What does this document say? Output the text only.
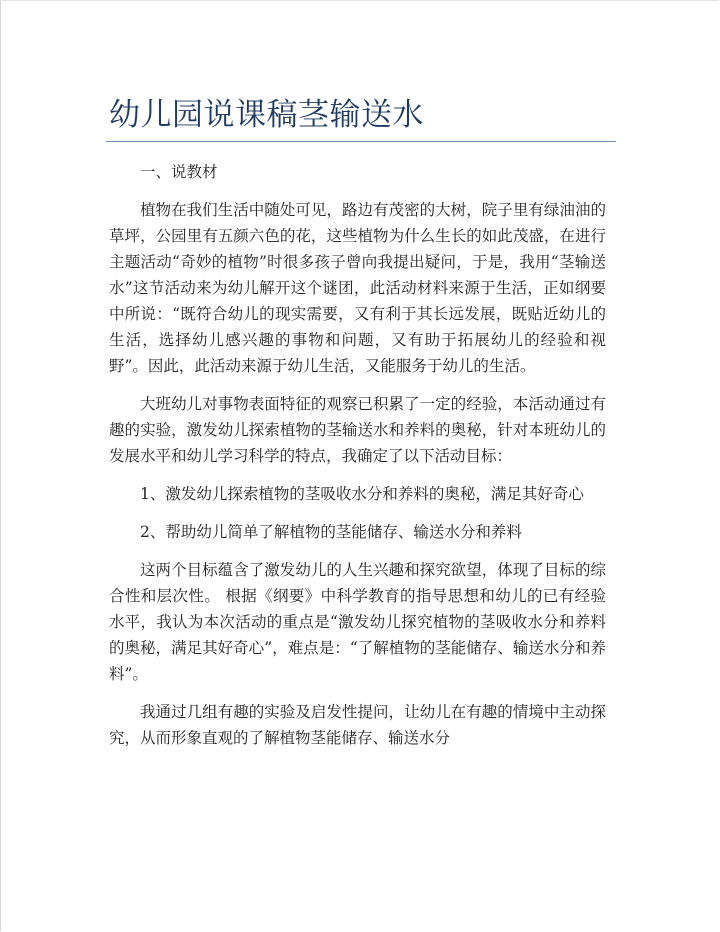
幼儿园说课稿茎输送水

一、说教材

植物在我们生活中随处可见，路边有茂密的大树，院子里有绿油油的草坪，公园里有五颜六色的花，这些植物为什么生长的如此茂盛，在进行主题活动“奇妙的植物”时很多孩子曾向我提出疑问，于是，我用“茎输送水”这节活动来为幼儿解开这个谜团，此活动材料来源于生活，正如纲要中所说：“既符合幼儿的现实需要，又有利于其长远发展，既贴近幼儿的生活，选择幼儿感兴趣的事物和问题，又有助于拓展幼儿的经验和视野”。因此，此活动来源于幼儿生活，又能服务于幼儿的生活。

大班幼儿对事物表面特征的观察已积累了一定的经验，本活动通过有趣的实验，激发幼儿探索植物的茎输送水和养料的奥秘，针对本班幼儿的发展水平和幼儿学习科学的特点，我确定了以下活动目标：

1、激发幼儿探索植物的茎吸收水分和养料的奥秘，满足其好奇心

2、帮助幼儿简单了解植物的茎能储存、输送水分和养料

这两个目标蕴含了激发幼儿的人生兴趣和探究欲望，体现了目标的综合性和层次性。 根据《纲要》中科学教育的指导思想和幼儿的已有经验水平，我认为本次活动的重点是“激发幼儿探究植物的茎吸收水分和养料的奥秘，满足其好奇心”，难点是：“了解植物的茎能储存、输送水分和养料”。

我通过几组有趣的实验及启发性提问，让幼儿在有趣的情境中主动探究，从而形象直观的了解植物茎能储存、输送水分
